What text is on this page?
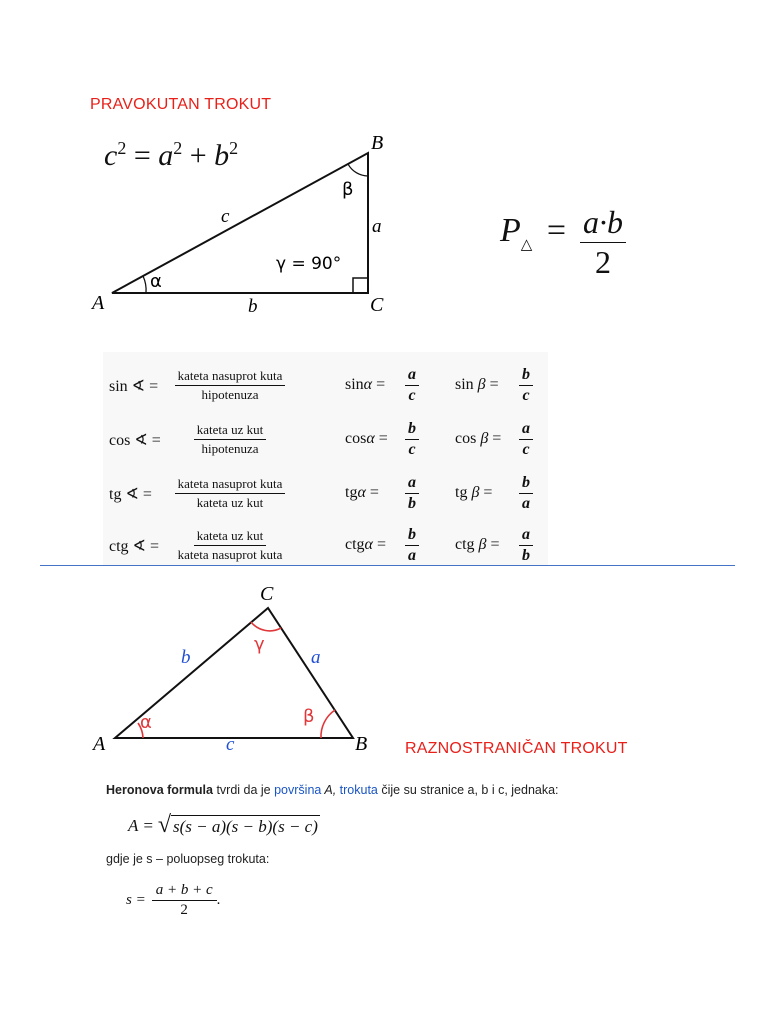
PRAVOKUTAN TROKUT
$c^2 = a^2 + b^2$
A
B
C
a
b
c
α
β
γ = 90°
$P_\triangle = \frac{a\cdot b}{2}$
sin ∢ =
kateta nasuprot kuta
hipotenuza
$\sin\alpha = \frac{a}{c}$ $\sin \beta = \frac{b}{c}$
cos ∢ =
kateta uz kut
hipotenuza
$\cos\alpha = \frac{b}{c}$ $\cos \beta = \frac{a}{c}$
tg ∢ =
kateta nasuprot kuta
kateta uz kut
$tg\alpha = \frac{a}{b}$ tg $\beta = \frac{b}{a}$
ctg ∢ =
kateta uz kut
kateta nasuprot kuta
$ctg\alpha = \frac{b}{a}$ ctg $\beta = \frac{a}{b}$
A	B
C
a
b
c
α	β
γ
RAZNOSTRANIČAN TROKUT
Heronova formula tvrdi da je površina A, trokuta čije su stranice a, b i c, jednaka:
A = √ s(s − a)(s − b)(s − c)
gdje je s – poluopseg trokuta:
$s = \frac{a + b + c}{2}$ .
